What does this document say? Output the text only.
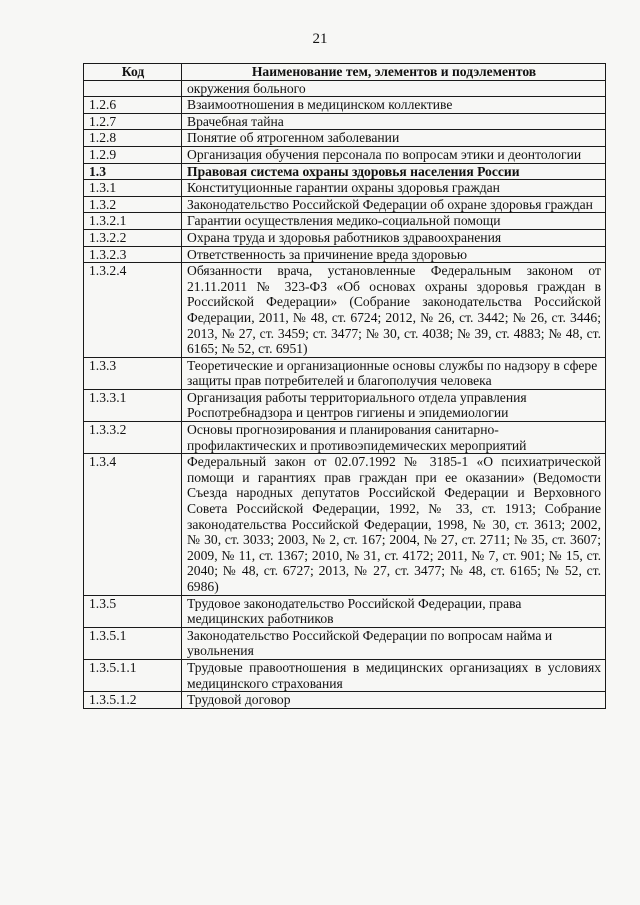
21
Код	Наименование тем, элементов и подэлементов
	окружения больного
1.2.6	Взаимоотношения в медицинском коллективе
1.2.7	Врачебная тайна
1.2.8	Понятие об ятрогенном заболевании
1.2.9	Организация обучения персонала по вопросам этики и деонтологии
1.3	Правовая система охраны здоровья населения России
1.3.1	Конституционные гарантии охраны здоровья граждан
1.3.2	Законодательство Российской Федерации об охране здоровья граждан
1.3.2.1	Гарантии осуществления медико-социальной помощи
1.3.2.2	Охрана труда и здоровья работников здравоохранения
1.3.2.3	Ответственность за причинение вреда здоровью
1.3.2.4	Обязанности врача, установленные Федеральным законом от 21.11.2011 № 323-ФЗ «Об основах охраны здоровья граждан в Российской Федерации» (Собрание законодательства Российской Федерации, 2011, № 48, ст. 6724; 2012, № 26, ст. 3442; № 26, ст. 3446; 2013, № 27, ст. 3459; ст. 3477; № 30, ст. 4038; № 39, ст. 4883; № 48, ст. 6165; № 52, ст. 6951)
1.3.3	Теоретические и организационные основы службы по надзору в сфере защиты прав потребителей и благополучия человека
1.3.3.1	Организация работы территориального отдела управления Роспотребнадзора и центров гигиены и эпидемиологии
1.3.3.2	Основы прогнозирования и планирования санитарно-профилактических и противоэпидемических мероприятий
1.3.4	Федеральный закон от 02.07.1992 № 3185-1 «О психиатрической помощи и гарантиях прав граждан при ее оказании» (Ведомости Съезда народных депутатов Российской Федерации и Верховного Совета Российской Федерации, 1992, № 33, ст. 1913; Собрание законодательства Российской Федерации, 1998, № 30, ст. 3613; 2002, № 30, ст. 3033; 2003, № 2, ст. 167; 2004, № 27, ст. 2711; № 35, ст. 3607; 2009, № 11, ст. 1367; 2010, № 31, ст. 4172; 2011, № 7, ст. 901; № 15, ст. 2040; № 48, ст. 6727; 2013, № 27, ст. 3477; № 48, ст. 6165; № 52, ст. 6986)
1.3.5	Трудовое законодательство Российской Федерации, права медицинских работников
1.3.5.1	Законодательство Российской Федерации по вопросам найма и увольнения
1.3.5.1.1	Трудовые правоотношения в медицинских организациях в условиях медицинского страхования
1.3.5.1.2	Трудовой договор
